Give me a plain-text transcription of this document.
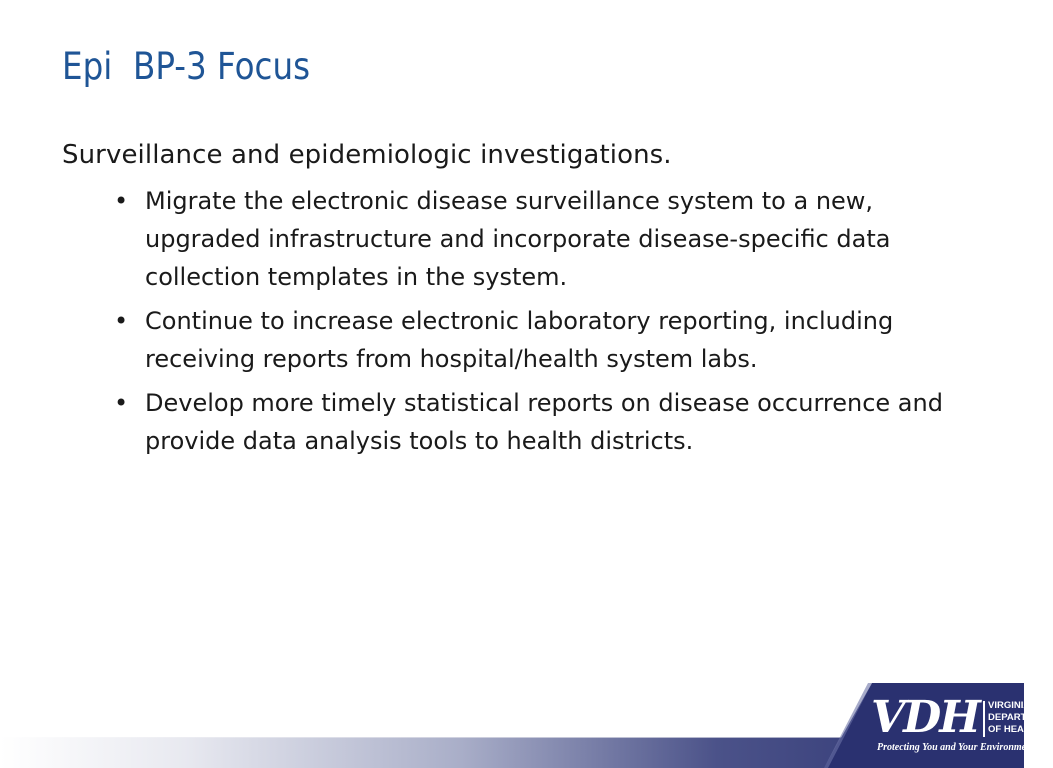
Epi  BP-3 Focus

Surveillance and epidemiologic investigations.

• Migrate the electronic disease surveillance system to a new, upgraded infrastructure and incorporate disease-specific data collection templates in the system.
• Continue to increase electronic laboratory reporting, including receiving reports from hospital/health system labs.
• Develop more timely statistical reports on disease occurrence and provide data analysis tools to health districts.
VDH VIRGINIA
DEPARTMENT
OF HEALTH
Protecting You and Your Environment
